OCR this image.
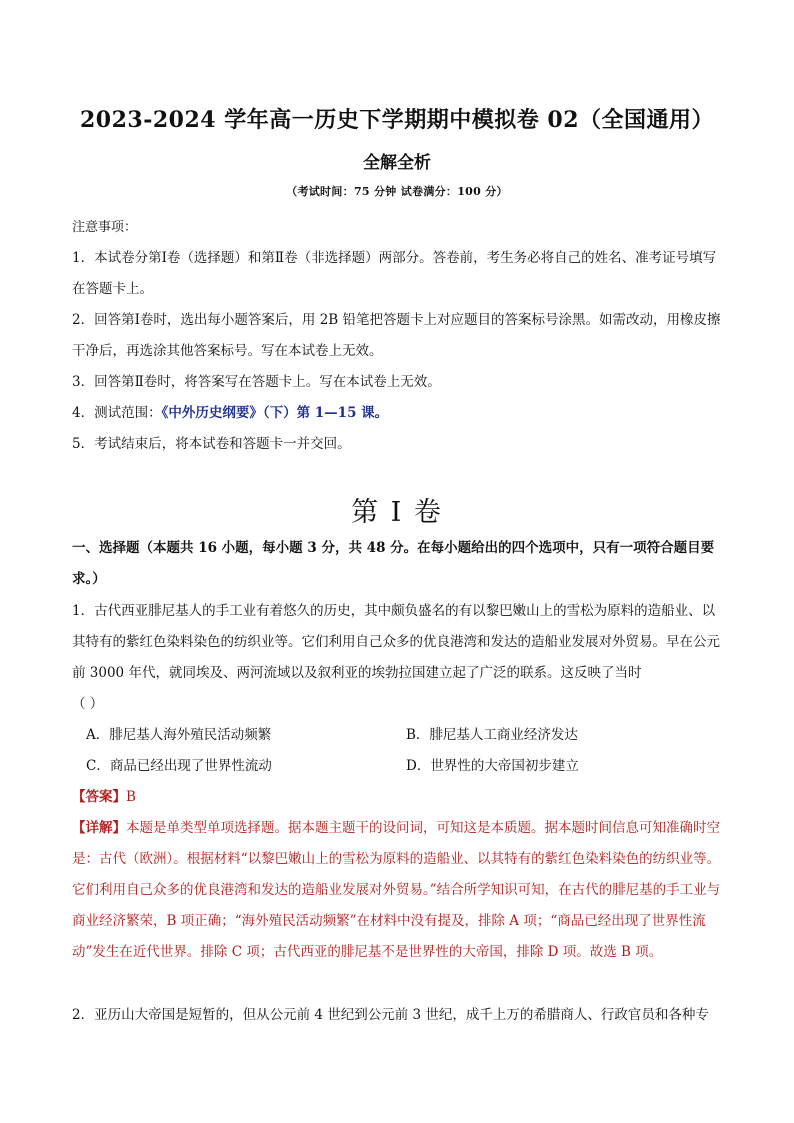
2023-2024 学年高一历史下学期期中模拟卷 02（全国通用）
全解全析
（考试时间：75 分钟 试卷满分：100 分）
注意事项：

1．本试卷分第Ⅰ卷（选择题）和第Ⅱ卷（非选择题）两部分。答卷前，考生务必将自己的姓名、准考证号填写在答题卡上。

2．回答第Ⅰ卷时，选出每小题答案后，用 2B 铅笔把答题卡上对应题目的答案标号涂黑。如需改动，用橡皮擦干净后，再选涂其他答案标号。写在本试卷上无效。

3．回答第Ⅱ卷时，将答案写在答题卡上。写在本试卷上无效。

4．测试范围：《中外历史纲要》（下）第 1—15 课。

5．考试结束后，将本试卷和答题卡一并交回。

第 I 卷
一、选择题（本题共 16 小题，每小题 3 分，共 48 分。在每小题给出的四个选项中，只有一项符合题目要求。）

1．古代西亚腓尼基人的手工业有着悠久的历史，其中颇负盛名的有以黎巴嫩山上的雪松为原料的造船业、以其特有的紫红色染料染色的纺织业等。它们利用自己众多的优良港湾和发达的造船业发展对外贸易。早在公元前 3000 年代，就同埃及、两河流域以及叙利亚的埃勃拉国建立起了广泛的联系。这反映了当时

（ ）

A．腓尼基人海外殖民活动频繁	B．腓尼基人工商业经济发达
C．商品已经出现了世界性流动	D．世界性的大帝国初步建立
【答案】B

【详解】本题是单类型单项选择题。据本题主题干的设问词，可知这是本质题。据本题时间信息可知准确时空是：古代（欧洲）。根据材料“以黎巴嫩山上的雪松为原料的造船业、以其特有的紫红色染料染色的纺织业等。它们利用自己众多的优良港湾和发达的造船业发展对外贸易。”结合所学知识可知，在古代的腓尼基的手工业与商业经济繁荣，B 项正确；“海外殖民活动频繁”在材料中没有提及，排除 A 项；“商品已经出现了世界性流动”发生在近代世界。排除 C 项；古代西亚的腓尼基不是世界性的大帝国，排除 D 项。故选 B 项。

2．亚历山大帝国是短暂的，但从公元前 4 世纪到公元前 3 世纪，成千上万的希腊商人、行政官员和各种专
